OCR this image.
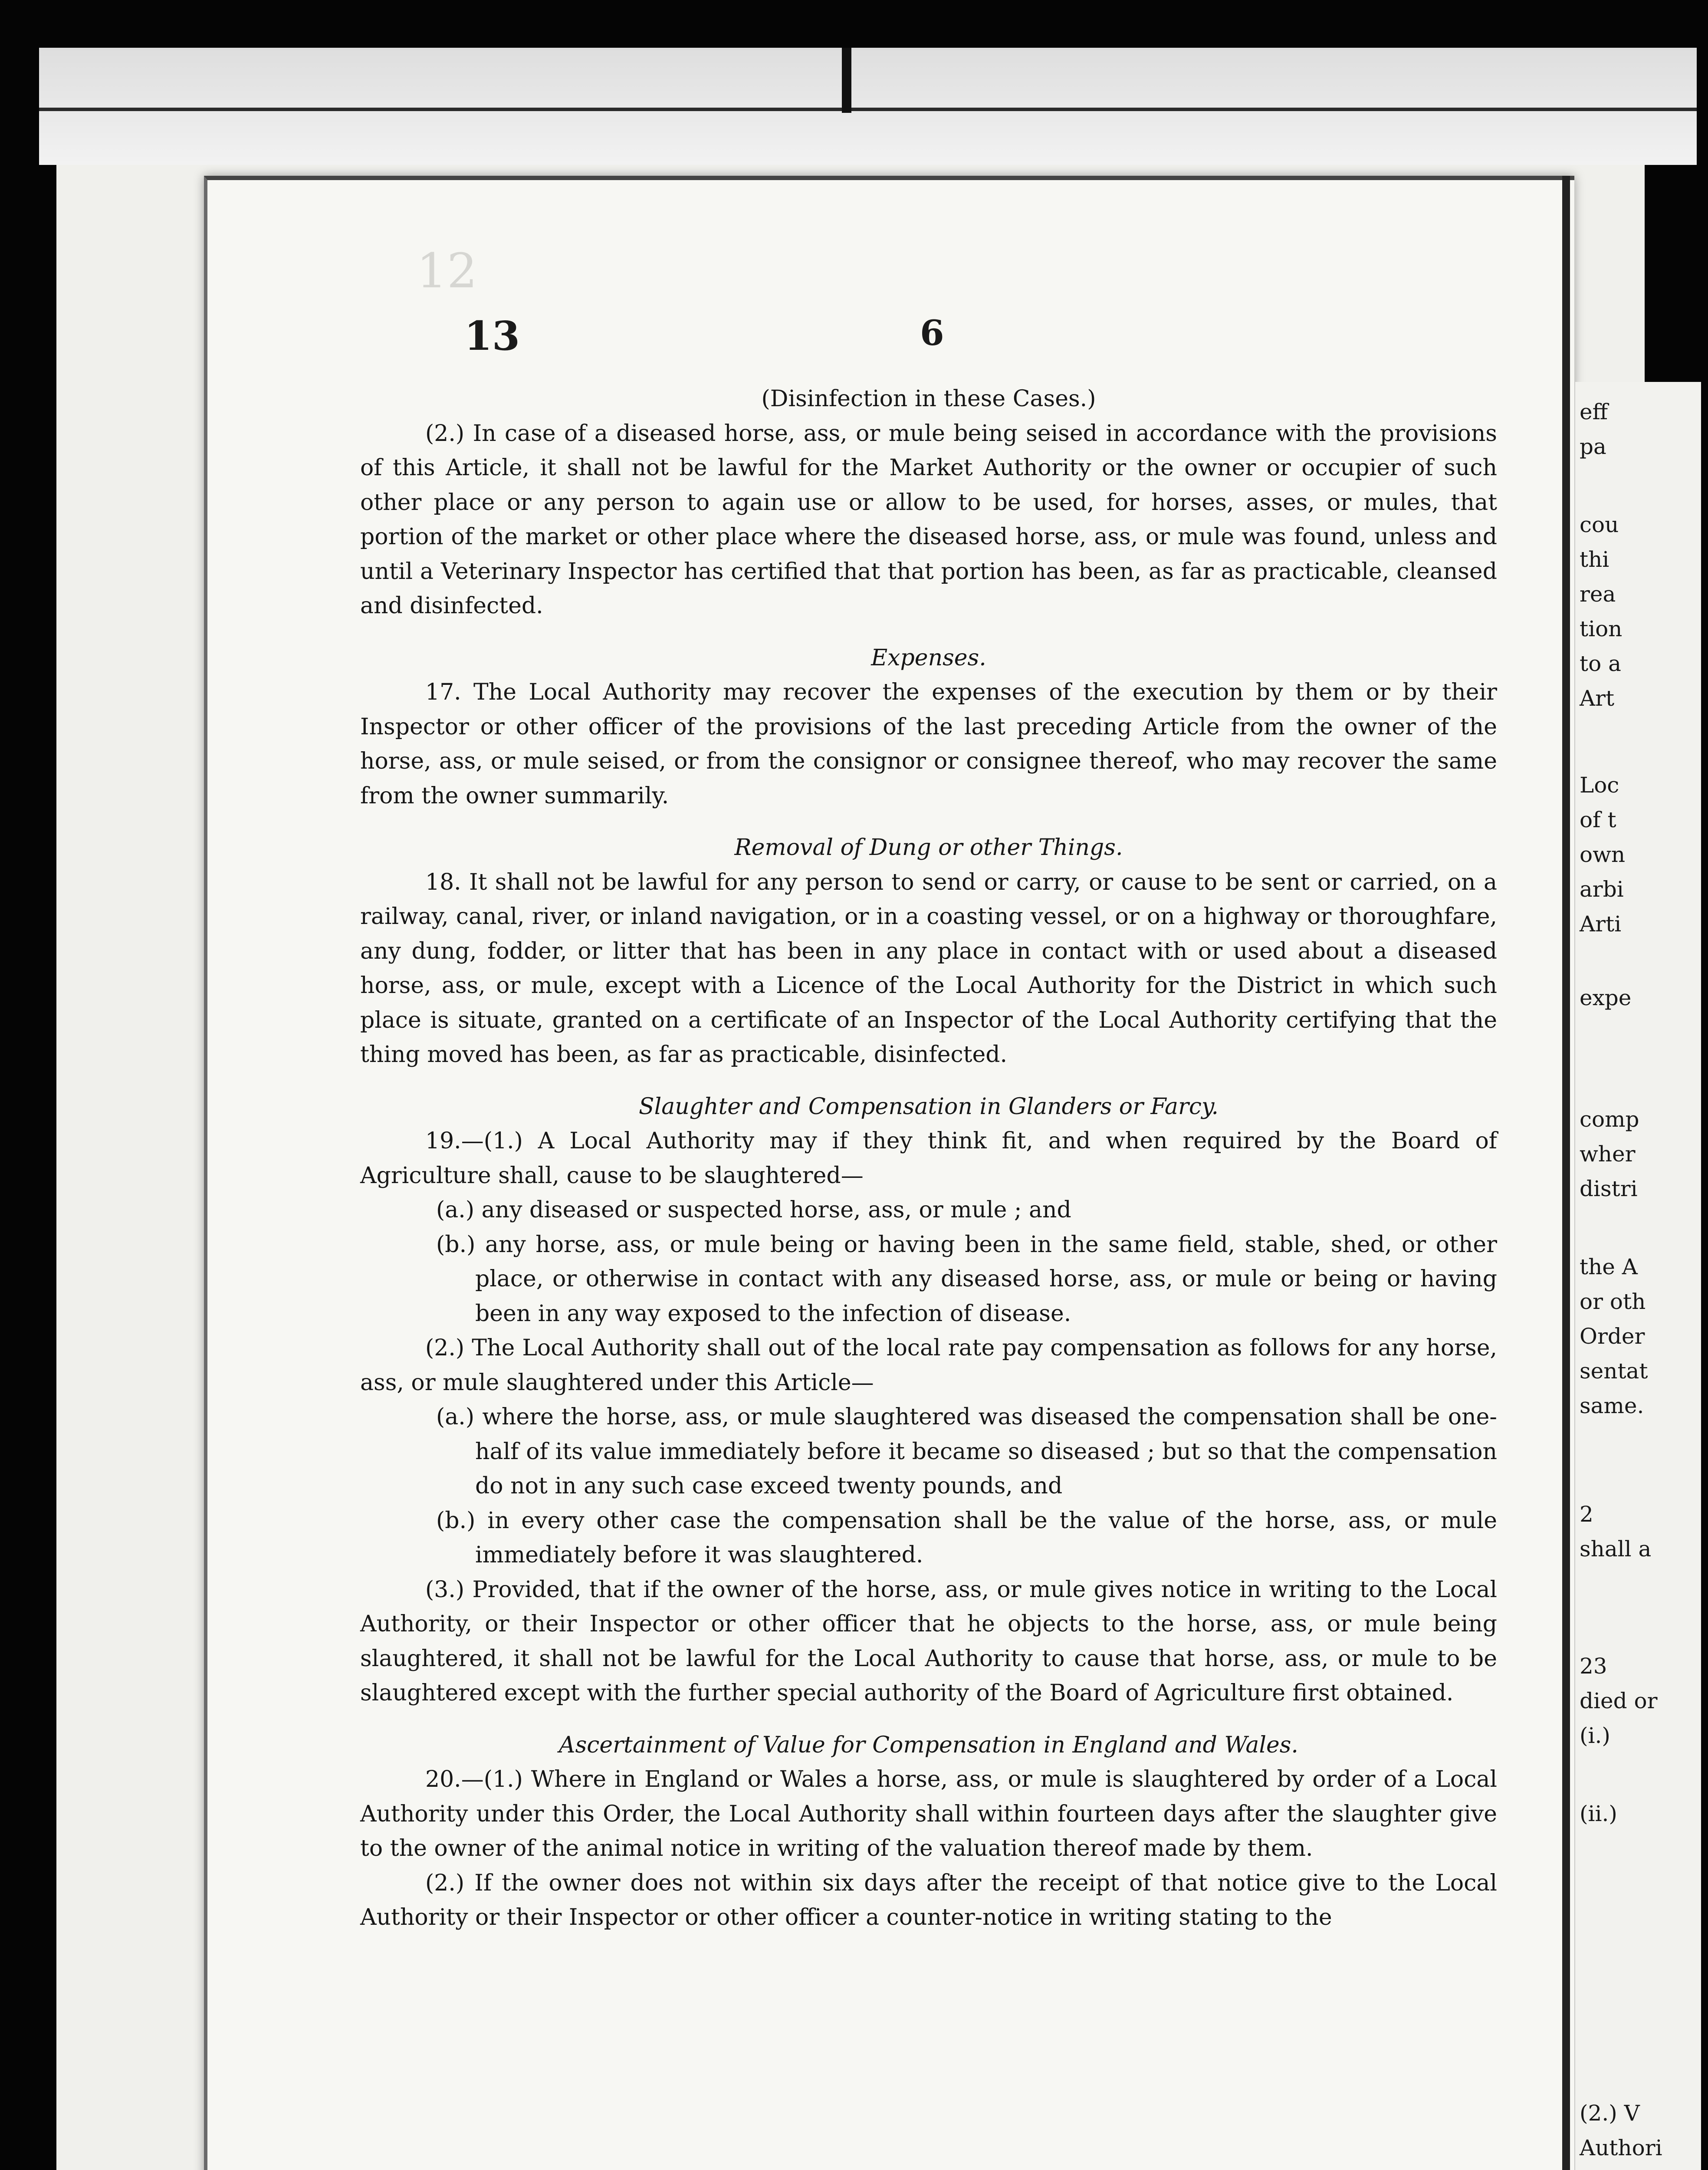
12
13	6

(Disinfection in these Cases.)

(2.) In case of a diseased horse, ass, or mule being seised in accordance with the provisions of this Article, it shall not be lawful for the Market Authority or the owner or occupier of such other place or any person to again use or allow to be used, for horses, asses, or mules, that portion of the market or other place where the diseased horse, ass, or mule was found, unless and until a Veterinary Inspector has certified that that portion has been, as far as practicable, cleansed and disinfected.

Expenses.

17. The Local Authority may recover the expenses of the execution by them or by their Inspector or other officer of the provisions of the last preceding Article from the owner of the horse, ass, or mule seised, or from the consignor or consignee thereof, who may recover the same from the owner summarily.

Removal of Dung or other Things.

18. It shall not be lawful for any person to send or carry, or cause to be sent or carried, on a railway, canal, river, or inland navigation, or in a coasting vessel, or on a highway or thoroughfare, any dung, fodder, or litter that has been in any place in contact with or used about a diseased horse, ass, or mule, except with a Licence of the Local Authority for the District in which such place is situate, granted on a certificate of an Inspector of the Local Authority certifying that the thing moved has been, as far as practicable, disinfected.

Slaughter and Compensation in Glanders or Farcy.

19.—(1.) A Local Authority may if they think fit, and when required by the Board of Agriculture shall, cause to be slaughtered—

(a.) any diseased or suspected horse, ass, or mule ; and

(b.) any horse, ass, or mule being or having been in the same field, stable, shed, or other place, or otherwise in contact with any diseased horse, ass, or mule or being or having been in any way exposed to the infection of disease.

(2.) The Local Authority shall out of the local rate pay compensation as follows for any horse, ass, or mule slaughtered under this Article—

(a.) where the horse, ass, or mule slaughtered was diseased the compensation shall be one-half of its value immediately before it became so diseased ; but so that the compensation do not in any such case exceed twenty pounds, and

(b.) in every other case the compensation shall be the value of the horse, ass, or mule immediately before it was slaughtered.

(3.) Provided, that if the owner of the horse, ass, or mule gives notice in writing to the Local Authority, or their Inspector or other officer that he objects to the horse, ass, or mule being slaughtered, it shall not be lawful for the Local Authority to cause that horse, ass, or mule to be slaughtered except with the further special authority of the Board of Agriculture first obtained.

Ascertainment of Value for Compensation in England and Wales.

20.—(1.) Where in England or Wales a horse, ass, or mule is slaughtered by order of a Local Authority under this Order, the Local Authority shall within fourteen days after the slaughter give to the owner of the animal notice in writing of the valuation thereof made by them.

(2.) If the owner does not within six days after the receipt of that notice give to the Local Authority or their Inspector or other officer a counter-notice in writing stating to the

eff
pa
cou
thi
rea
tion
to a
Art
Loc
of t
own
arbi
Arti
expe
comp
wher
distri
the A
or oth
Order
sentat
same.
2
shall a
23
died or
(i.)
(ii.)
(2.) V
Authori
